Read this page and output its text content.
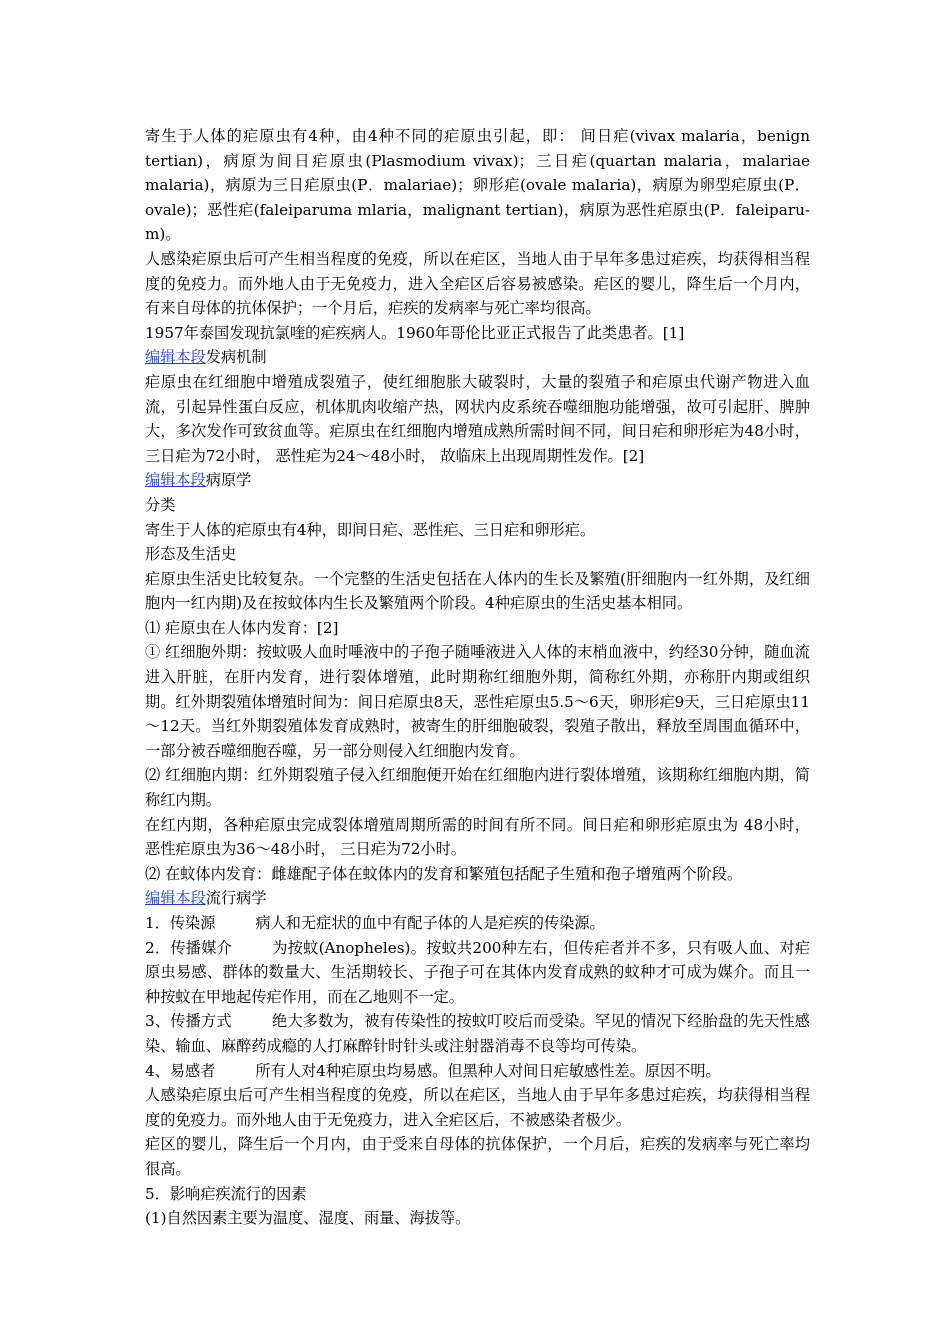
寄生于人体的疟原虫有4种，由4种不同的疟原虫引起，即： 间日疟(vivax malaria，benign tertian)，病原为间日疟原虫(Plasmodium vivax)；三日疟(quartan malaria，malariae malaria)，病原为三日疟原虫(P．malariae)；卵形疟(ovale malaria)，病原为卵型疟原虫(P．ovale)；恶性疟(faleiparuma mlaria，malignant tertian)，病原为恶性疟原虫(P．faleiparu-m)。

人感染疟原虫后可产生相当程度的免疫，所以在疟区，当地人由于早年多患过疟疾，均获得相当程度的免疫力。而外地人由于无免疫力，进入全疟区后容易被感染。疟区的婴儿，降生后一个月内，有来自母体的抗体保护；一个月后，疟疾的发病率与死亡率均很高。

1957年泰国发现抗氯喹的疟疾病人。1960年哥伦比亚正式报告了此类患者。[1]

编辑本段发病机制

疟原虫在红细胞中增殖成裂殖子，使红细胞胀大破裂时，大量的裂殖子和疟原虫代谢产物进入血流，引起异性蛋白反应，机体肌肉收缩产热，网状内皮系统吞噬细胞功能增强，故可引起肝、脾肿大，多次发作可致贫血等。疟原虫在红细胞内增殖成熟所需时间不同，间日疟和卵形疟为48小时， 三日疟为72小时， 恶性疟为24～48小时， 故临床上出现周期性发作。[2]

编辑本段病原学

分类

寄生于人体的疟原虫有4种，即间日疟、恶性疟、三日疟和卵形疟。

形态及生活史

疟原虫生活史比较复杂。一个完整的生活史包括在人体内的生长及繁殖(肝细胞内一红外期，及红细胞内一红内期)及在按蚊体内生长及繁殖两个阶段。4种疟原虫的生活史基本相同。

⑴ 疟原虫在人体内发育：[2]

① 红细胞外期：按蚊吸人血时唾液中的子孢子随唾液进入人体的末梢血液中，约经30分钟，随血流进入肝脏，在肝内发育，进行裂体增殖，此时期称红细胞外期，简称红外期，亦称肝内期或组织期。红外期裂殖体增殖时间为：间日疟原虫8天，恶性疟原虫5.5～6天，卵形疟9天，三日疟原虫11～12天。当红外期裂殖体发育成熟时，被寄生的肝细胞破裂，裂殖子散出，释放至周围血循环中，一部分被吞噬细胞吞噬，另一部分则侵入红细胞内发育。

⑵ 红细胞内期：红外期裂殖子侵入红细胞便开始在红细胞内进行裂体增殖，该期称红细胞内期，简称红内期。

在红内期，各种疟原虫完成裂体增殖周期所需的时间有所不同。间日疟和卵形疟原虫为 48小时， 恶性疟原虫为36～48小时， 三日疟为72小时。

⑵ 在蚊体内发育：雌雄配子体在蚊体内的发育和繁殖包括配子生殖和孢子增殖两个阶段。

编辑本段流行病学

1．传染源	病人和无症状的血中有配子体的人是疟疾的传染源。

2．传播媒介	为按蚊(Anopheles)。按蚊共200种左右，但传疟者并不多，只有吸人血、对疟原虫易感、群体的数量大、生活期较长、子孢子可在其体内发育成熟的蚊种才可成为媒介。而且一种按蚊在甲地起传疟作用，而在乙地则不一定。

3、传播方式	绝大多数为，被有传染性的按蚊叮咬后而受染。罕见的情况下经胎盘的先天性感染、输血、麻醉药成瘾的人打麻醉针时针头或注射器消毒不良等均可传染。

4、易感者	所有人对4种疟原虫均易感。但黑种人对间日疟敏感性差。原因不明。

人感染疟原虫后可产生相当程度的免疫，所以在疟区，当地人由于早年多患过疟疾，均获得相当程度的免疫力。而外地人由于无免疫力，进入全疟区后，不被感染者极少。

疟区的婴儿，降生后一个月内，由于受来自母体的抗体保护，一个月后，疟疾的发病率与死亡率均很高。

5．影响疟疾流行的因素

(1)自然因素主要为温度、湿度、雨量、海拔等。
